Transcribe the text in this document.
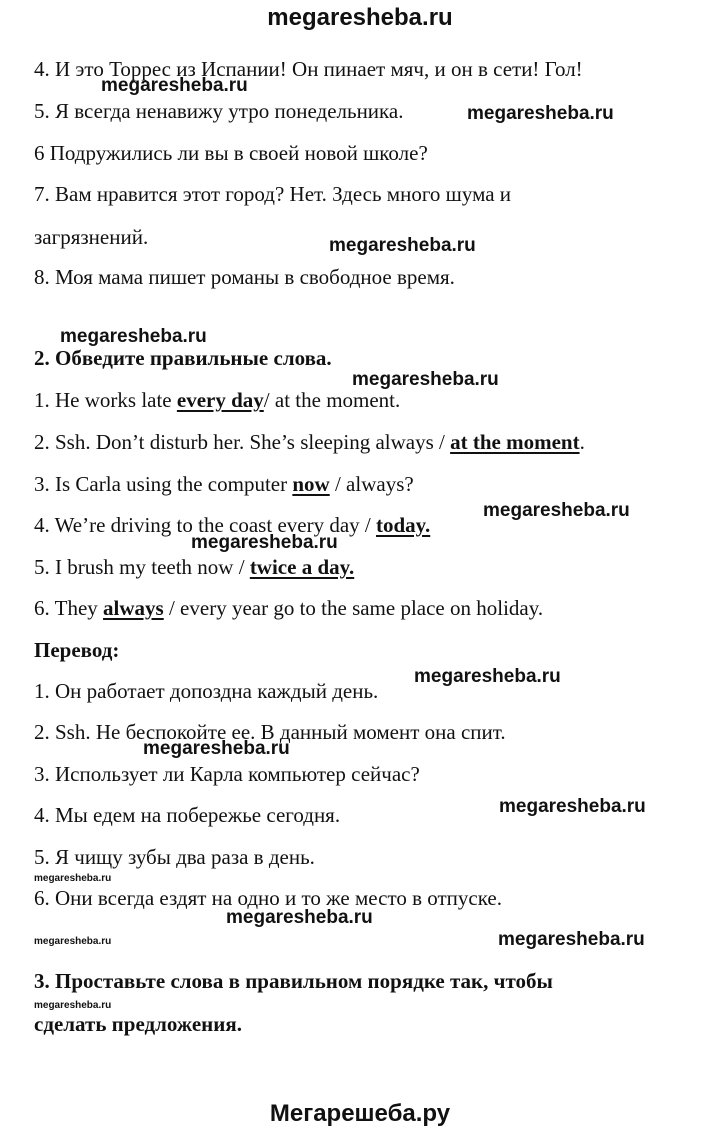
megaresheba.ru
4. И это Торрес из Испании! Он пинает мяч, и он в сети! Гол!
5. Я всегда ненавижу утро понедельника.
6 Подружились ли вы в своей новой школе?
7. Вам нравится этот город? Нет. Здесь много шума и
загрязнений.
8. Моя мама пишет романы в свободное время.
2. Обведите правильные слова.
1. He works late every day/ at the moment.
2. Ssh. Don’t disturb her. She’s sleeping always / at the moment.
3. Is Carla using the computer now / always?
4. We’re driving to the coast every day / today.
5. I brush my teeth now / twice a day.
6. They always / every year go to the same place on holiday.
Перевод:
1. Он работает допоздна каждый день.
2. Ssh. Не беспокойте ее. В данный момент она спит.
3. Использует ли Карла компьютер сейчас?
4. Мы едем на побережье сегодня.
5. Я чищу зубы два раза в день.
6. Они всегда ездят на одно и то же место в отпуске.
3. Проставьте слова в правильном порядке так, чтобы
сделать предложения.
Мегарешеба.ру
megaresheba.ru
megaresheba.ru
megaresheba.ru
megaresheba.ru
megaresheba.ru
megaresheba.ru
megaresheba.ru
megaresheba.ru
megaresheba.ru
megaresheba.ru
megaresheba.ru
megaresheba.ru
megaresheba.ru
megaresheba.ru
megaresheba.ru
